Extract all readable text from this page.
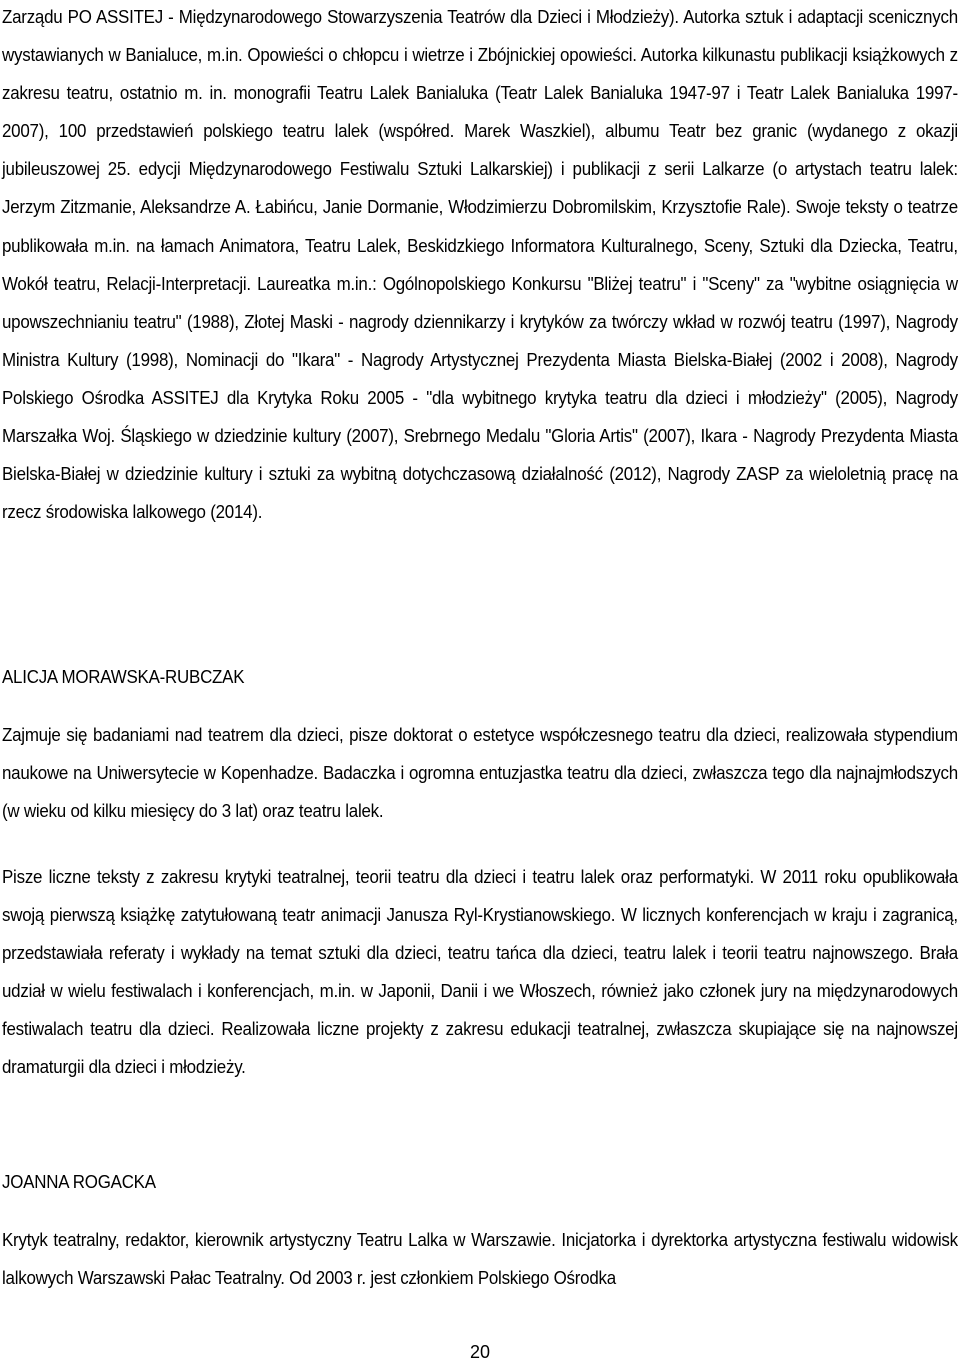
Zarządu PO ASSITEJ - Międzynarodowego Stowarzyszenia Teatrów dla Dzieci i Młodzieży). Autorka sztuk i adaptacji scenicznych wystawianych w Banialuce, m.in. Opowieści o chłopcu i wietrze i Zbójnickiej opowieści. Autorka kilkunastu publikacji książkowych z zakresu teatru, ostatnio m. in. monografii Teatru Lalek Banialuka (Teatr Lalek Banialuka 1947-97 i Teatr Lalek Banialuka 1997-2007), 100 przedstawień polskiego teatru lalek (współred. Marek Waszkiel), albumu Teatr bez granic (wydanego z okazji jubileuszowej 25. edycji Międzynarodowego Festiwalu Sztuki Lalkarskiej) i publikacji z serii Lalkarze (o artystach teatru lalek: Jerzym Zitzmanie, Aleksandrze A. Łabińcu, Janie Dormanie, Włodzimierzu Dobromilskim, Krzysztofie Rale). Swoje teksty o teatrze publikowała m.in. na łamach Animatora, Teatru Lalek, Beskidzkiego Informatora Kulturalnego, Sceny, Sztuki dla Dziecka, Teatru, Wokół teatru, Relacji-Interpretacji. Laureatka m.in.: Ogólnopolskiego Konkursu "Bliżej teatru" i "Sceny" za "wybitne osiągnięcia w upowszechnianiu teatru" (1988), Złotej Maski - nagrody dziennikarzy i krytyków za twórczy wkład w rozwój teatru (1997), Nagrody Ministra Kultury (1998), Nominacji do "Ikara" - Nagrody Artystycznej Prezydenta Miasta Bielska-Białej (2002 i 2008), Nagrody Polskiego Ośrodka ASSITEJ dla Krytyka Roku 2005 - "dla wybitnego krytyka teatru dla dzieci i młodzieży" (2005), Nagrody Marszałka Woj. Śląskiego w dziedzinie kultury (2007), Srebrnego Medalu "Gloria Artis" (2007), Ikara - Nagrody Prezydenta Miasta Bielska-Białej w dziedzinie kultury i sztuki za wybitną dotychczasową działalność (2012), Nagrody ZASP za wieloletnią pracę na rzecz środowiska lalkowego (2014).
ALICJA MORAWSKA-RUBCZAK
Zajmuje się badaniami nad teatrem dla dzieci, pisze doktorat o estetyce współczesnego teatru dla dzieci, realizowała stypendium naukowe na Uniwersytecie w Kopenhadze. Badaczka i ogromna entuzjastka teatru dla dzieci, zwłaszcza tego dla najnajmłodszych (w wieku od kilku miesięcy do 3 lat) oraz teatru lalek.
Pisze liczne teksty z zakresu krytyki teatralnej, teorii teatru dla dzieci i teatru lalek oraz performatyki. W 2011 roku opublikowała swoją pierwszą książkę zatytułowaną teatr animacji Janusza Ryl-Krystianowskiego. W licznych konferencjach w kraju i zagranicą, przedstawiała referaty i wykłady na temat sztuki dla dzieci, teatru tańca dla dzieci, teatru lalek i teorii teatru najnowszego. Brała udział w wielu festiwalach i konferencjach, m.in. w Japonii, Danii i we Włoszech, również jako członek jury na międzynarodowych festiwalach teatru dla dzieci. Realizowała liczne projekty z zakresu edukacji teatralnej, zwłaszcza skupiające się na najnowszej dramaturgii dla dzieci i młodzieży.
JOANNA ROGACKA
Krytyk teatralny, redaktor, kierownik artystyczny Teatru Lalka w Warszawie. Inicjatorka i dyrektorka artystyczna festiwalu widowisk lalkowych Warszawski Pałac Teatralny. Od 2003 r. jest członkiem Polskiego Ośrodka
20
